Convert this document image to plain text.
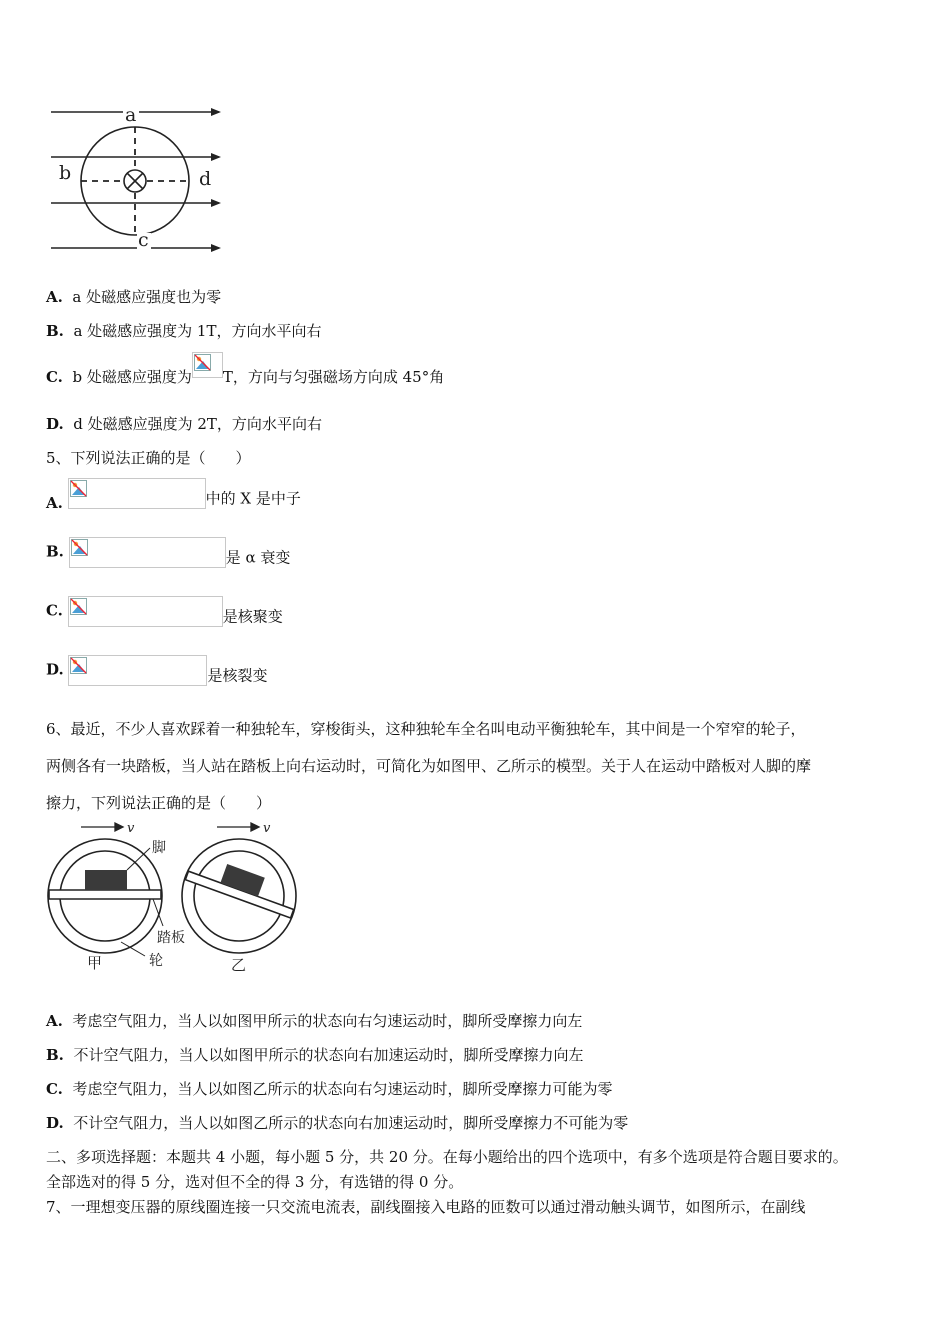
a
b	d
c
A. a 处磁感应强度也为零
B. a 处磁感应强度为 1T，方向水平向右
C. b 处磁感应强度为 T，方向与匀强磁场方向成 45°角
D. d 处磁感应强度为 2T，方向水平向右
5、下列说法正确的是（　　）
A.	中的 X 是中子
B.	是 α 衰变
C.	是核聚变
D.	是核裂变
6、最近，不少人喜欢踩着一种独轮车，穿梭街头，这种独轮车全名叫电动平衡独轮车，其中间是一个窄窄的轮子，
两侧各有一块踏板，当人站在踏板上向右运动时，可简化为如图甲、乙所示的模型。关于人在运动中踏板对人脚的摩
擦力，下列说法正确的是（　　）
v	v
脚
踏板
轮
甲	乙
A. 考虑空气阻力，当人以如图甲所示的状态向右匀速运动时，脚所受摩擦力向左
B. 不计空气阻力，当人以如图甲所示的状态向右加速运动时，脚所受摩擦力向左
C. 考虑空气阻力，当人以如图乙所示的状态向右匀速运动时，脚所受摩擦力可能为零
D. 不计空气阻力，当人以如图乙所示的状态向右加速运动时，脚所受摩擦力不可能为零
二、多项选择题：本题共 4 小题，每小题 5 分，共 20 分。在每小题给出的四个选项中，有多个选项是符合题目要求的。
全部选对的得 5 分，选对但不全的得 3 分，有选错的得 0 分。
7、一理想变压器的原线圈连接一只交流电流表，副线圈接入电路的匝数可以通过滑动触头调节，如图所示，在副线
